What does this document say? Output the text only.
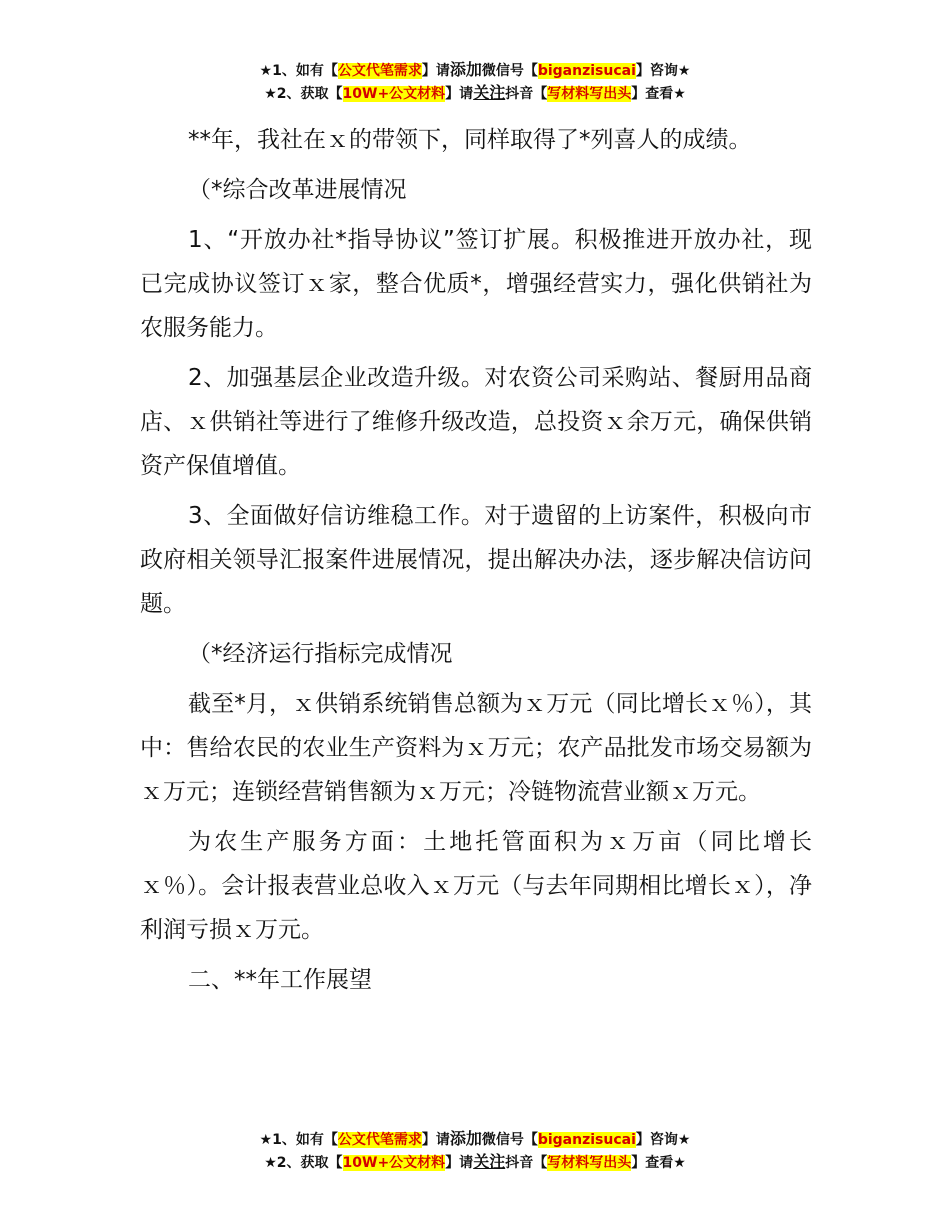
★1、如有【公文代笔需求】请添加微信号【biganzisucai】咨询★
★2、获取【10W+公文材料】请关注抖音【写材料写出头】查看★

**年，我社在ｘ的带领下，同样取得了*列喜人的成绩。

（*综合改革进展情况

1、“开放办社*指导协议”签订扩展。积极推进开放办社，现已完成协议签订ｘ家，整合优质*，增强经营实力，强化供销社为农服务能力。

2、加强基层企业改造升级。对农资公司采购站、餐厨用品商店、ｘ供销社等进行了维修升级改造，总投资ｘ余万元，确保供销资产保值增值。

3、全面做好信访维稳工作。对于遗留的上访案件，积极向市政府相关领导汇报案件进展情况，提出解决办法，逐步解决信访问题。

（*经济运行指标完成情况

截至*月，ｘ供销系统销售总额为ｘ万元（同比增长ｘ％），其中：售给农民的农业生产资料为ｘ万元；农产品批发市场交易额为ｘ万元；连锁经营销售额为ｘ万元；冷链物流营业额ｘ万元。

为农生产服务方面：土地托管面积为ｘ万亩（同比增长ｘ％）。会计报表营业总收入ｘ万元（与去年同期相比增长ｘ），净利润亏损ｘ万元。

二、**年工作展望

★1、如有【公文代笔需求】请添加微信号【biganzisucai】咨询★
★2、获取【10W+公文材料】请关注抖音【写材料写出头】查看★
